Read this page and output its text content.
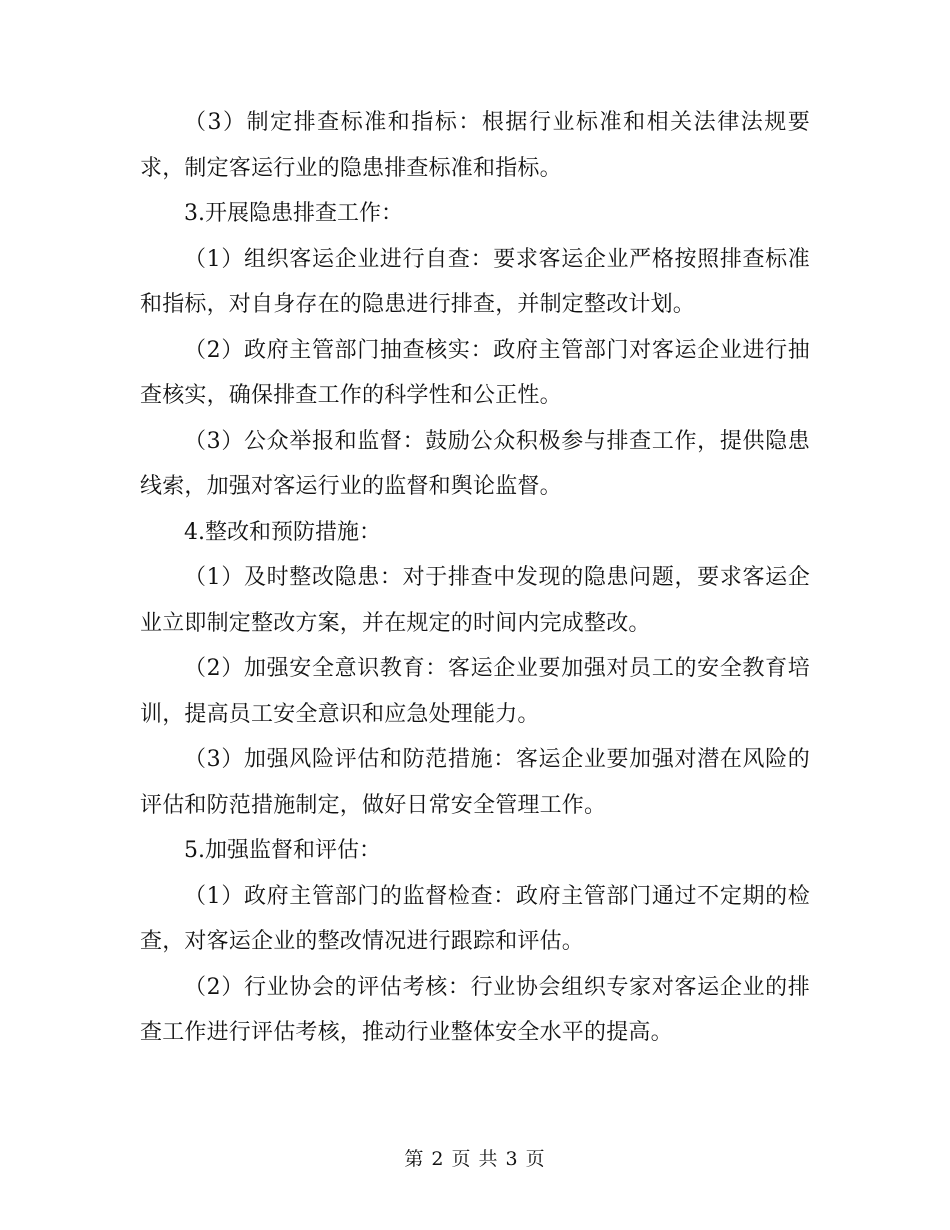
（3）制定排查标准和指标：根据行业标准和相关法律法规要求，制定客运行业的隐患排查标准和指标。

3.开展隐患排查工作：

（1）组织客运企业进行自查：要求客运企业严格按照排查标准和指标，对自身存在的隐患进行排查，并制定整改计划。

（2）政府主管部门抽查核实：政府主管部门对客运企业进行抽查核实，确保排查工作的科学性和公正性。

（3）公众举报和监督：鼓励公众积极参与排查工作，提供隐患线索，加强对客运行业的监督和舆论监督。

4.整改和预防措施：

（1）及时整改隐患：对于排查中发现的隐患问题，要求客运企业立即制定整改方案，并在规定的时间内完成整改。

（2）加强安全意识教育：客运企业要加强对员工的安全教育培训，提高员工安全意识和应急处理能力。

（3）加强风险评估和防范措施：客运企业要加强对潜在风险的评估和防范措施制定，做好日常安全管理工作。

5.加强监督和评估：

（1）政府主管部门的监督检查：政府主管部门通过不定期的检查，对客运企业的整改情况进行跟踪和评估。

（2）行业协会的评估考核：行业协会组织专家对客运企业的排查工作进行评估考核，推动行业整体安全水平的提高。

第 2 页 共 3 页
